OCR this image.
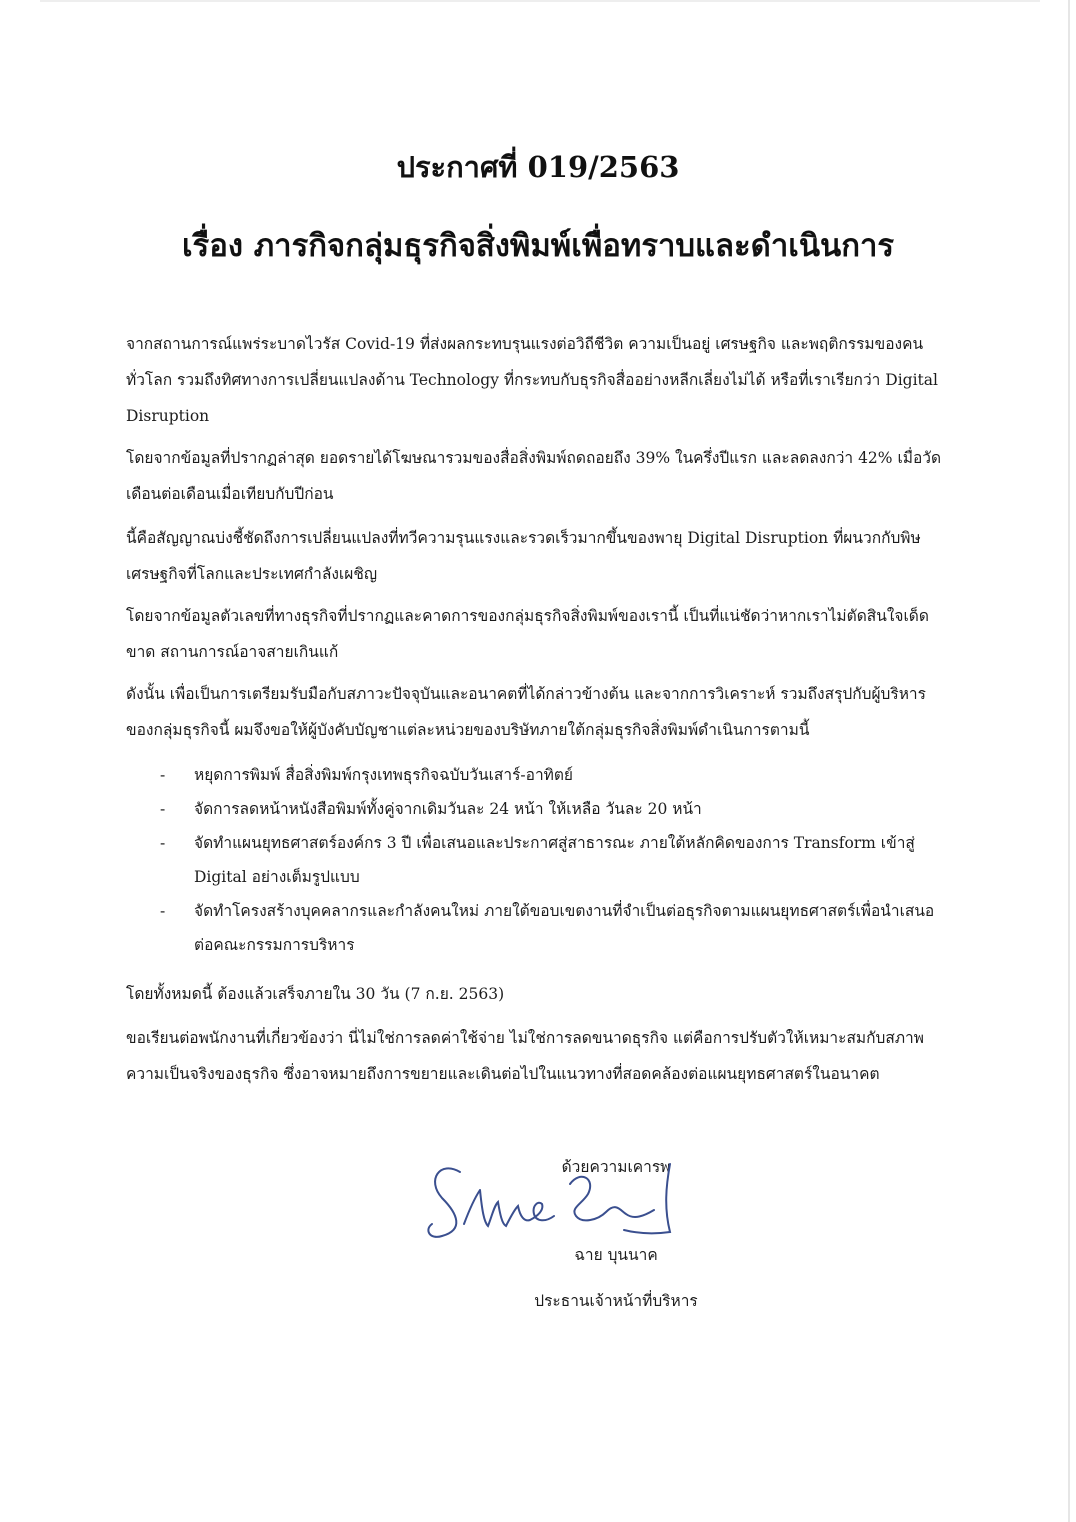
ประกาศที่ 019/2563
เรื่อง ภารกิจกลุ่มธุรกิจสิ่งพิมพ์เพื่อทราบและดำเนินการ

จากสถานการณ์แพร่ระบาดไวรัส Covid-19 ที่ส่งผลกระทบรุนแรงต่อวิถีชีวิต ความเป็นอยู่ เศรษฐกิจ และพฤติกรรมของคน ทั่วโลก รวมถึงทิศทางการเปลี่ยนแปลงด้าน Technology ที่กระทบกับธุรกิจสื่ออย่างหลีกเลี่ยงไม่ได้ หรือที่เราเรียกว่า Digital Disruption

โดยจากข้อมูลที่ปรากฏล่าสุด ยอดรายได้โฆษณารวมของสื่อสิ่งพิมพ์ถดถอยถึง 39% ในครึ่งปีแรก และลดลงกว่า 42% เมื่อวัดเดือนต่อเดือนเมื่อเทียบกับปีก่อน

นี้คือสัญญาณบ่งชี้ชัดถึงการเปลี่ยนแปลงที่ทวีความรุนแรงและรวดเร็วมากขึ้นของพายุ Digital Disruption ที่ผนวกกับพิษเศรษฐกิจที่โลกและประเทศกำลังเผชิญ

โดยจากข้อมูลตัวเลขที่ทางธุรกิจที่ปรากฏและคาดการของกลุ่มธุรกิจสิ่งพิมพ์ของเรานี้ เป็นที่แน่ชัดว่าหากเราไม่ตัดสินใจเด็ดขาด สถานการณ์อาจสายเกินแก้

ดังนั้น เพื่อเป็นการเตรียมรับมือกับสภาวะปัจจุบันและอนาคตที่ได้กล่าวข้างต้น และจากการวิเคราะห์ รวมถึงสรุปกับผู้บริหารของกลุ่มธุรกิจนี้ ผมจึงขอให้ผู้บังคับบัญชาแต่ละหน่วยของบริษัทภายใต้กลุ่มธุรกิจสิ่งพิมพ์ดำเนินการตามนี้

- หยุดการพิมพ์ สื่อสิ่งพิมพ์กรุงเทพธุรกิจฉบับวันเสาร์-อาทิตย์
- จัดการลดหน้าหนังสือพิมพ์ทั้งคู่จากเดิมวันละ 24 หน้า ให้เหลือ วันละ 20 หน้า
- จัดทำแผนยุทธศาสตร์องค์กร 3 ปี เพื่อเสนอและประกาศสู่สาธารณะ ภายใต้หลักคิดของการ Transform เข้าสู่ Digital อย่างเต็มรูปแบบ
- จัดทำโครงสร้างบุคคลากรและกำลังคนใหม่ ภายใต้ขอบเขตงานที่จำเป็นต่อธุรกิจตามแผนยุทธศาสตร์เพื่อนำเสนอต่อคณะกรรมการบริหาร

โดยทั้งหมดนี้ ต้องแล้วเสร็จภายใน 30 วัน (7 ก.ย. 2563)

ขอเรียนต่อพนักงานที่เกี่ยวข้องว่า นี่ไม่ใช่การลดค่าใช้จ่าย ไม่ใช่การลดขนาดธุรกิจ แต่คือการปรับตัวให้เหมาะสมกับสภาพความเป็นจริงของธุรกิจ ซึ่งอาจหมายถึงการขยายและเดินต่อไปในแนวทางที่สอดคล้องต่อแผนยุทธศาสตร์ในอนาคต

ด้วยความเคารพ
ฉาย บุนนาค
ประธานเจ้าหน้าที่บริหาร
